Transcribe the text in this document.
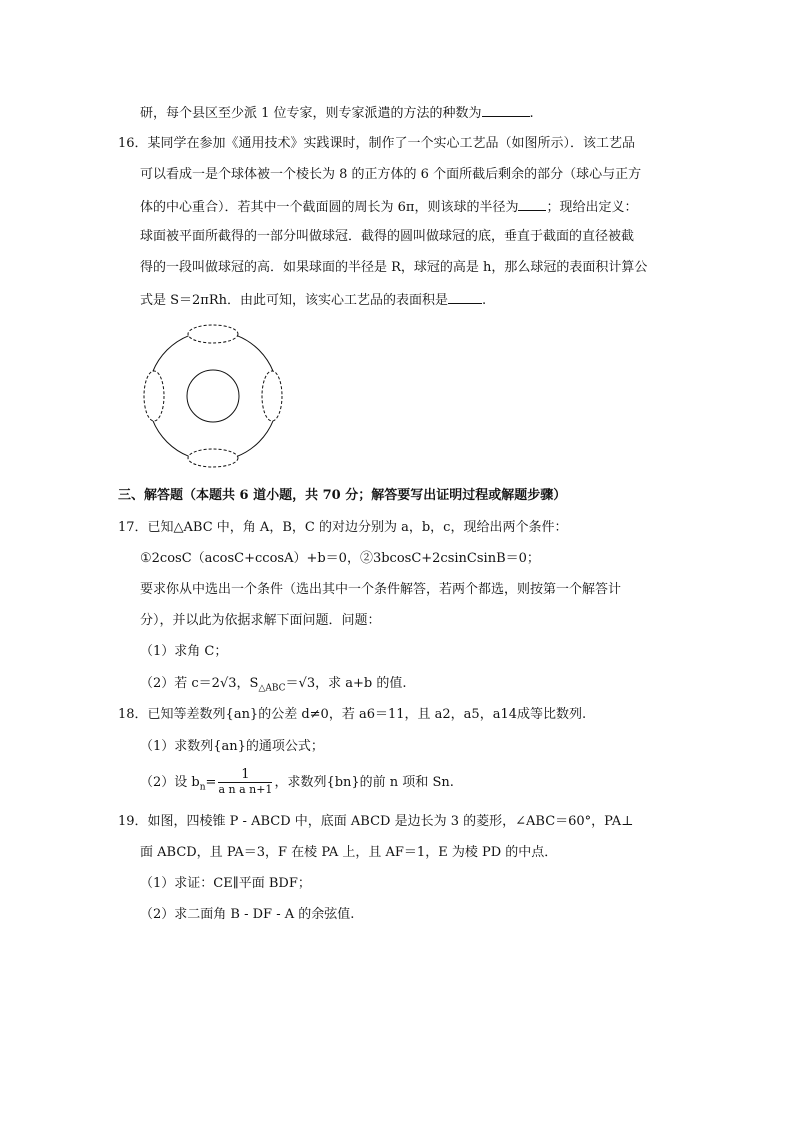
研，每个县区至少派 1 位专家，则专家派遣的方法的种数为	.
16．某同学在参加《通用技术》实践课时，制作了一个实心工艺品（如图所示）．该工艺品
可以看成一是个球体被一个棱长为 8 的正方体的 6 个面所截后剩余的部分（球心与正方
体的中心重合）．若其中一个截面圆的周长为 6π，则该球的半径为 ；现给出定义：
球面被平面所截得的一部分叫做球冠．截得的圆叫做球冠的底，垂直于截面的直径被截
得的一段叫做球冠的高．如果球面的半径是 R，球冠的高是 h，那么球冠的表面积计算公
式是 S＝2πRh．由此可知，该实心工艺品的表面积是	.
三、解答题（本题共 6 道小题，共 70 分；解答要写出证明过程或解题步骤）
17．已知△ABC 中，角 A，B，C 的对边分别为 a，b，c，现给出两个条件：
①2cosC（acosC+ccosA）+b＝0，②3bcosC+2csinCsinB＝0；
要求你从中选出一个条件（选出其中一个条件解答，若两个都选，则按第一个解答计
分），并以此为依据求解下面问题．问题：
（1）求角 C；
（2）若 c＝2√3，$S_{\triangle ABC}=√3$，求 a+b 的值.
18．已知等差数列{an}的公差 d≠0，若 a6＝11，且 a2，a5，a14成等比数列.
（1）求数列{an}的通项公式；
（2）设 $b_n= \frac{1}{\text{a n a n+1}}$ ，求数列{bn}的前 n 项和 Sn.
19．如图，四棱锥 P - ABCD 中，底面 ABCD 是边长为 3 的菱形，∠ABC＝60°，PA⊥
面 ABCD，且 PA＝3，F 在棱 PA 上，且 AF＝1，E 为棱 PD 的中点．
（1）求证：CE∥平面 BDF；
（2）求二面角 B - DF - A 的余弦值.
